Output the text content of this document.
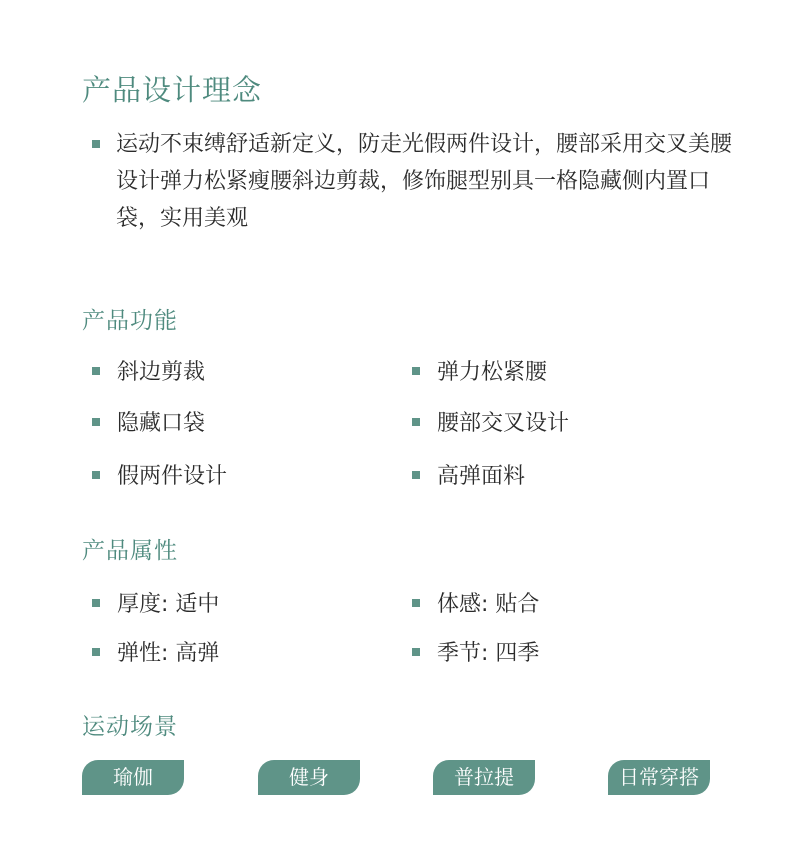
产品设计理念

运动不束缚舒适新定义，防走光假两件设计，腰部采用交叉美腰设计弹力松紧瘦腰斜边剪裁，修饰腿型别具一格隐藏侧内置口袋，实用美观

产品功能
斜边剪裁	弹力松紧腰
隐藏口袋	腰部交叉设计
假两件设计	高弹面料
产品属性
厚度: 适中	体感: 贴合
弹性: 高弹	季节: 四季
运动场景
瑜伽	健身	普拉提	日常穿搭
